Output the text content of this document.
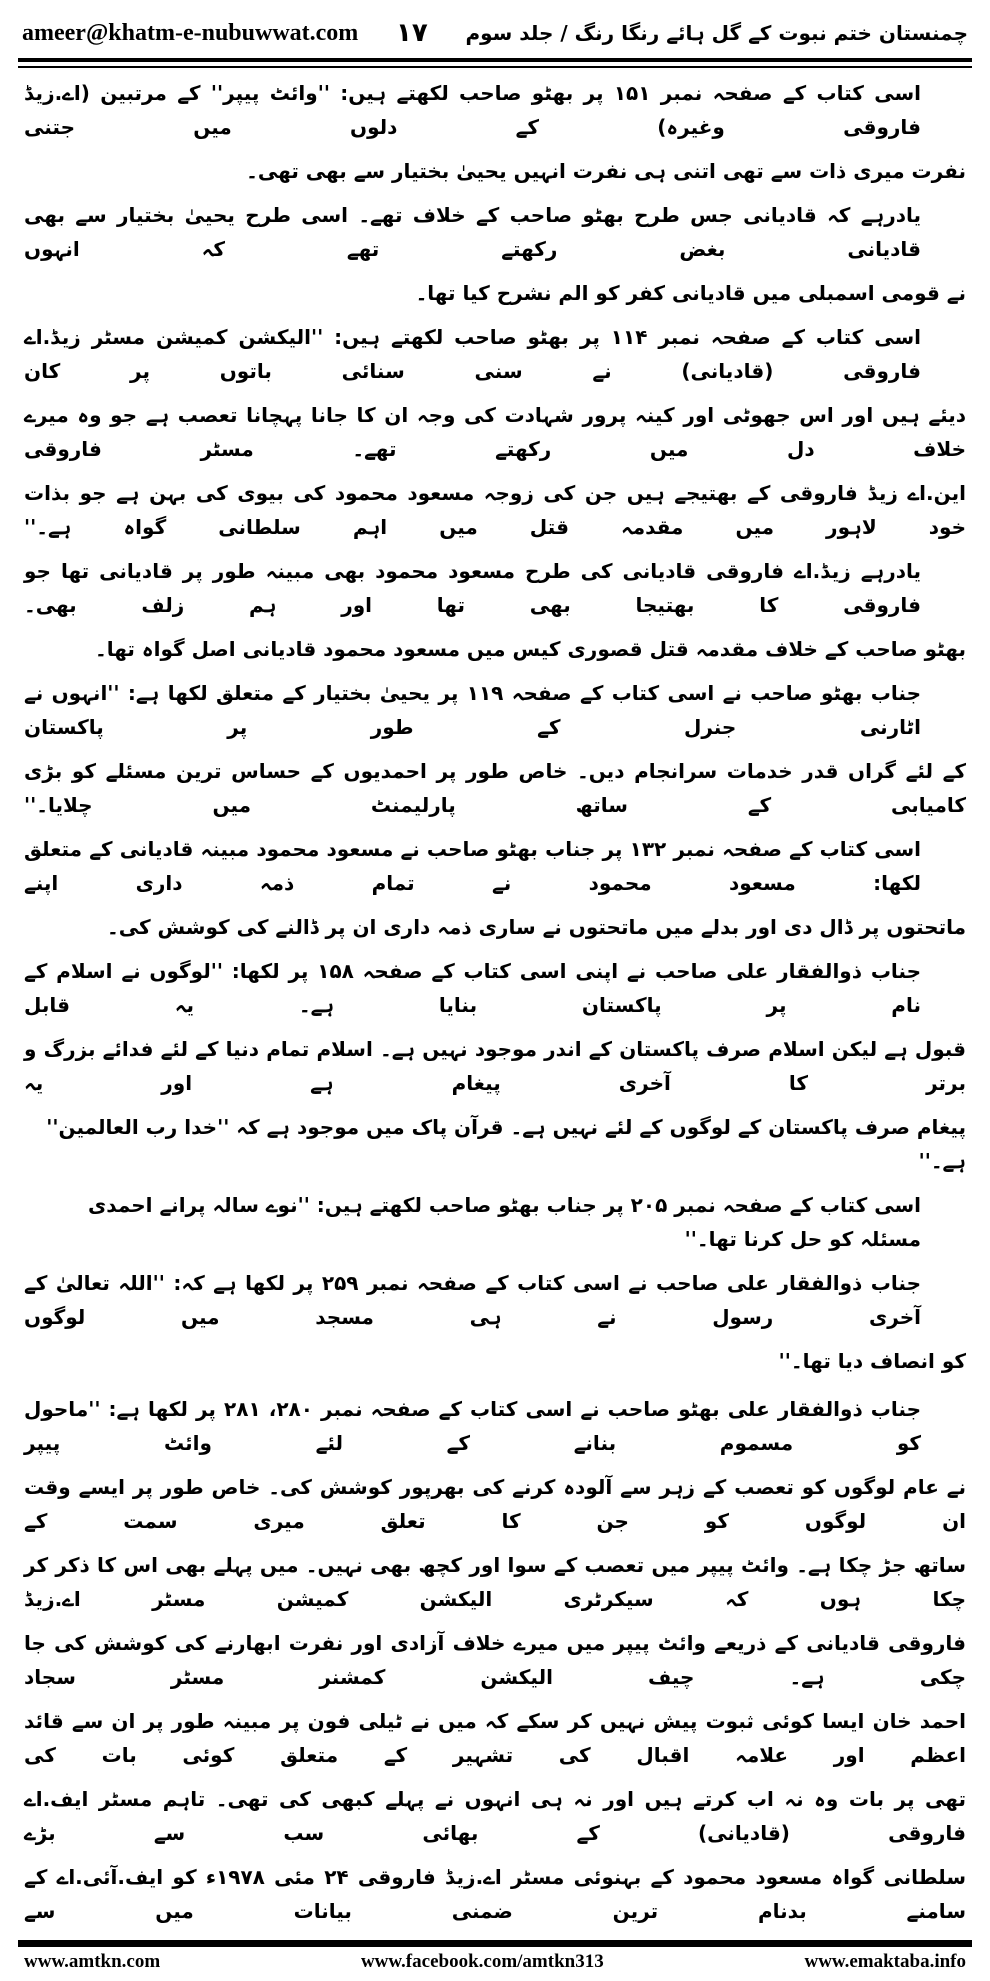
ameer@khatm-e-nubuwwat.com ۱۷ چمنستان ختم نبوت کے گل ہائے رنگا رنگ / جلد سوم
اسی کتاب کے صفحہ نمبر ۱۵۱ پر بھٹو صاحب لکھتے ہیں: ''وائٹ پیپر'' کے مرتبین (اے.زیڈ فاروقی وغیرہ) کے دلوں میں جتنی
نفرت میری ذات سے تھی اتنی ہی نفرت انہیں یحییٰ بختیار سے بھی تھی۔
یادرہے کہ قادیانی جس طرح بھٹو صاحب کے خلاف تھے۔ اسی طرح یحییٰ بختیار سے بھی قادیانی بغض رکھتے تھے کہ انہوں
نے قومی اسمبلی میں قادیانی کفر کو الم نشرح کیا تھا۔
اسی کتاب کے صفحہ نمبر ۱۱۴ پر بھٹو صاحب لکھتے ہیں: ''الیکشن کمیشن مسٹر زیڈ.اے فاروقی (قادیانی) نے سنی سنائی باتوں پر کان
دیئے ہیں اور اس جھوٹی اور کینہ پرور شہادت کی وجہ ان کا جانا پہچانا تعصب ہے جو وہ میرے خلاف دل میں رکھتے تھے۔ مسٹر فاروقی
این.اے زیڈ فاروقی کے بھتیجے ہیں جن کی زوجہ مسعود محمود کی بیوی کی بہن ہے جو بذات خود لاہور میں مقدمہ قتل میں اہم سلطانی گواہ ہے۔''
یادرہے زیڈ.اے فاروقی قادیانی کی طرح مسعود محمود بھی مبینہ طور پر قادیانی تھا جو فاروقی کا بھتیجا بھی تھا اور ہم زلف بھی۔
بھٹو صاحب کے خلاف مقدمہ قتل قصوری کیس میں مسعود محمود قادیانی اصل گواہ تھا۔
جناب بھٹو صاحب نے اسی کتاب کے صفحہ ۱۱۹ پر یحییٰ بختیار کے متعلق لکھا ہے: ''انہوں نے اٹارنی جنرل کے طور پر پاکستان
کے لئے گراں قدر خدمات سرانجام دیں۔ خاص طور پر احمدیوں کے حساس ترین مسئلے کو بڑی کامیابی کے ساتھ پارلیمنٹ میں چلایا۔''
اسی کتاب کے صفحہ نمبر ۱۳۲ پر جناب بھٹو صاحب نے مسعود محمود مبینہ قادیانی کے متعلق لکھا: مسعود محمود نے تمام ذمہ داری اپنے
ماتحتوں پر ڈال دی اور بدلے میں ماتحتوں نے ساری ذمہ داری ان پر ڈالنے کی کوشش کی۔
جناب ذوالفقار علی صاحب نے اپنی اسی کتاب کے صفحہ ۱۵۸ پر لکھا: ''لوگوں نے اسلام کے نام پر پاکستان بنایا ہے۔ یہ قابل
قبول ہے لیکن اسلام صرف پاکستان کے اندر موجود نہیں ہے۔ اسلام تمام دنیا کے لئے فدائے بزرگ و برتر کا آخری پیغام ہے اور یہ
پیغام صرف پاکستان کے لوگوں کے لئے نہیں ہے۔ قرآن پاک میں موجود ہے کہ ''خدا رب العالمین'' ہے۔''
اسی کتاب کے صفحہ نمبر ۲۰۵ پر جناب بھٹو صاحب لکھتے ہیں: ''نوے سالہ پرانے احمدی مسئلہ کو حل کرنا تھا۔''
جناب ذوالفقار علی صاحب نے اسی کتاب کے صفحہ نمبر ۲۵۹ پر لکھا ہے کہ: ''اللہ تعالیٰ کے آخری رسول نے ہی مسجد میں لوگوں
کو انصاف دیا تھا۔''
جناب ذوالفقار علی بھٹو صاحب نے اسی کتاب کے صفحہ نمبر ۲۸۰، ۲۸۱ پر لکھا ہے: ''ماحول کو مسموم بنانے کے لئے وائٹ پیپر
نے عام لوگوں کو تعصب کے زہر سے آلودہ کرنے کی بھرپور کوشش کی۔ خاص طور پر ایسے وقت ان لوگوں کو جن کا تعلق میری سمت کے
ساتھ جڑ چکا ہے۔ وائٹ پیپر میں تعصب کے سوا اور کچھ بھی نہیں۔ میں پہلے بھی اس کا ذکر کر چکا ہوں کہ سیکرٹری الیکشن کمیشن مسٹر اے.زیڈ
فاروقی قادیانی کے ذریعے وائٹ پیپر میں میرے خلاف آزادی اور نفرت ابھارنے کی کوشش کی جا چکی ہے۔ چیف الیکشن کمشنر مسٹر سجاد
احمد خان ایسا کوئی ثبوت پیش نہیں کر سکے کہ میں نے ٹیلی فون پر مبینہ طور پر ان سے قائد اعظم اور علامہ اقبال کی تشہیر کے متعلق کوئی بات کی
تھی پر بات وہ نہ اب کرتے ہیں اور نہ ہی انہوں نے پہلے کبھی کی تھی۔ تاہم مسٹر ایف.اے فاروقی (قادیانی) کے بھائی سب سے بڑے
سلطانی گواہ مسعود محمود کے بہنوئی مسٹر اے.زیڈ فاروقی ۲۴ مئی ۱۹۷۸ء کو ایف.آئی.اے کے سامنے بدنام ترین ضمنی بیانات میں سے
www.amtkn.com	www.facebook.com/amtkn313	www.emaktaba.info
